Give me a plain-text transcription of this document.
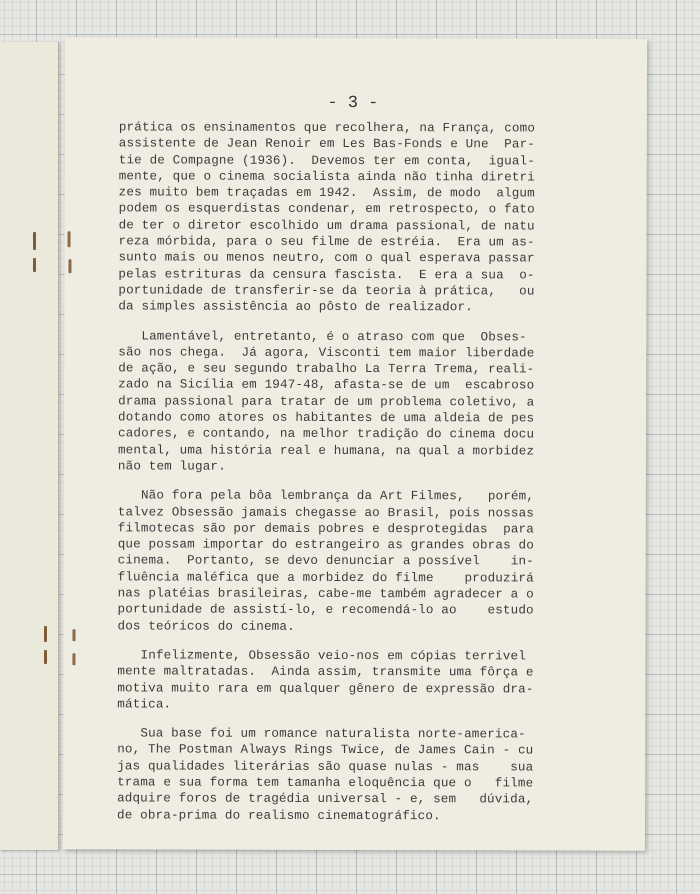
- 3 -
prática os ensinamentos que recolhera, na França, como
assistente de Jean Renoir em Les Bas-Fonds e Une  Par-
tie de Compagne (1936).  Devemos ter em conta,  igual-
mente, que o cinema socialista ainda não tinha diretri
zes muito bem traçadas em 1942.  Assim, de modo  algum
podem os esquerdistas condenar, em retrospecto, o fato
de ter o diretor escolhido um drama passional, de natu
reza mórbida, para o seu filme de estréia.  Era um as-
sunto mais ou menos neutro, com o qual esperava passar
pelas estrituras da censura fascista.  E era a sua  o-
portunidade de transferir-se da teoria à prática,   ou
da simples assistência ao pôsto de realizador.
Lamentável, entretanto, é o atraso com que  Obses-
são nos chega.  Já agora, Visconti tem maior liberdade
de ação, e seu segundo trabalho La Terra Trema, reali-
zado na Sicília em 1947-48, afasta-se de um  escabroso
drama passional para tratar de um problema coletivo, a
dotando como atores os habitantes de uma aldeia de pes
cadores, e contando, na melhor tradição do cinema docu
mental, uma história real e humana, na qual a morbidez
não tem lugar.
Não fora pela bôa lembrança da Art Filmes,   porém,
talvez Obsessão jamais chegasse ao Brasil, pois nossas
filmotecas são por demais pobres e desprotegidas  para
que possam importar do estrangeiro as grandes obras do
cinema.  Portanto, se devo denunciar a possível    in-
fluência maléfica que a morbidez do filme    produzirá
nas platéias brasileiras, cabe-me também agradecer a o
portunidade de assistí-lo, e recomendá-lo ao    estudo
dos teóricos do cinema.
Infelizmente, Obsessão veio-nos em cópias terrivel
mente maltratadas.  Ainda assim, transmite uma fôrça e
motiva muito rara em qualquer gênero de expressão dra-
mática.
Sua base foi um romance naturalista norte-america-
no, The Postman Always Rings Twice, de James Cain - cu
jas qualidades literárias são quase nulas - mas    sua
trama e sua forma tem tamanha eloquência que o   filme
adquire foros de tragédia universal - e, sem   dúvida,
de obra-prima do realismo cinematográfico.
